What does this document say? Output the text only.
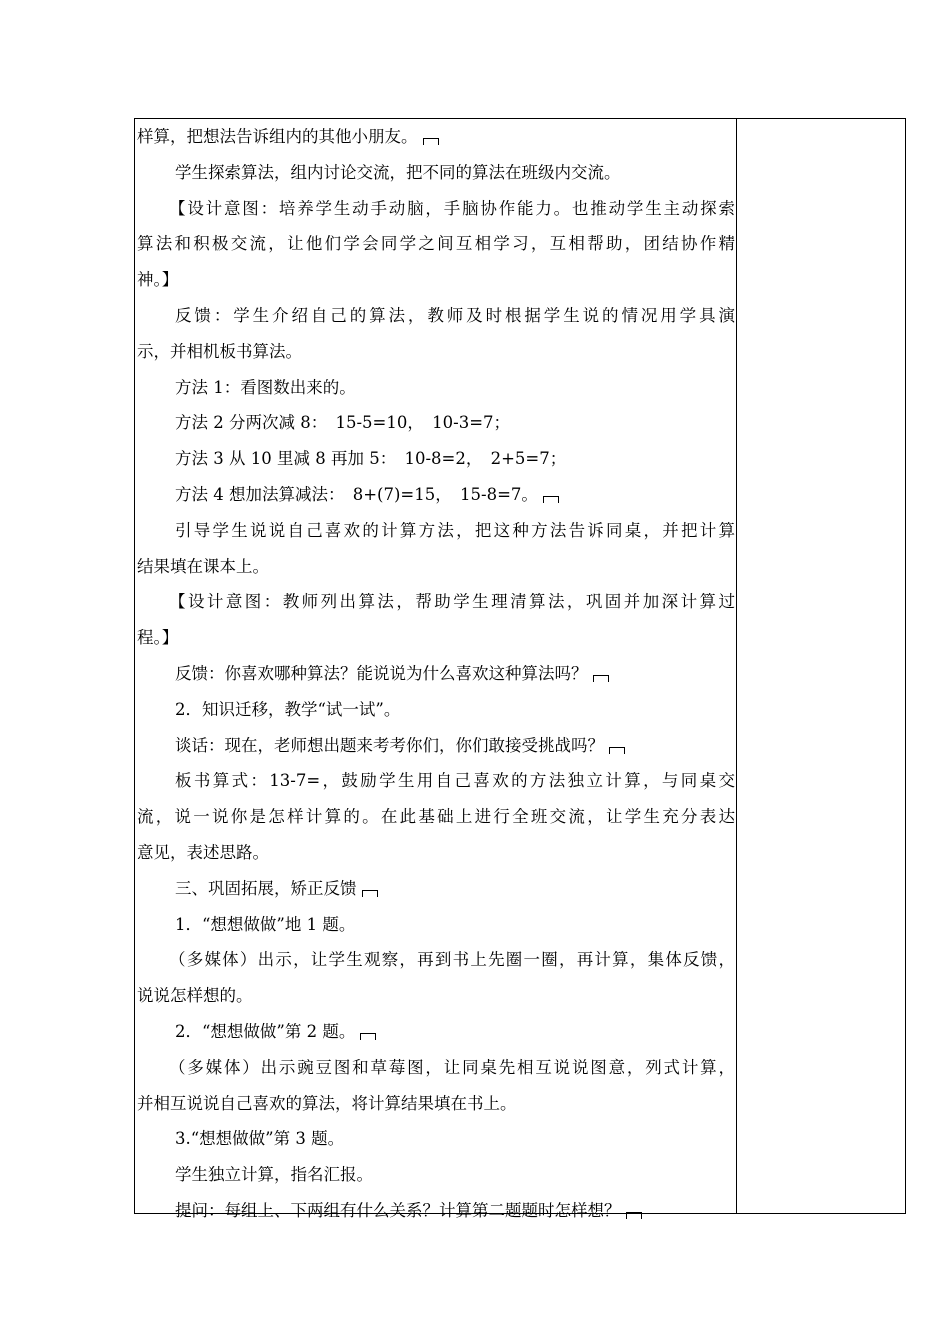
样算，把想法告诉组内的其他小朋友。
学生探索算法，组内讨论交流，把不同的算法在班级内交流。
【设计意图：培养学生动手动脑，手脑协作能力。也推动学生主动探索
算法和积极交流，让他们学会同学之间互相学习，互相帮助，团结协作精
神。】
反馈：学生介绍自己的算法，教师及时根据学生说的情况用学具演
示，并相机板书算法。
方法 1：看图数出来的。
方法 2 分两次减 8：　15-5=10，　10-3=7；
方法 3 从 10 里减 8 再加 5：　10-8=2，　2+5=7；
方法 4 想加法算减法：　8+(7)=15，　15-8=7。
引导学生说说自己喜欢的计算方法，把这种方法告诉同桌，并把计算
结果填在课本上。
【设计意图：教师列出算法，帮助学生理清算法，巩固并加深计算过
程。】
反馈：你喜欢哪种算法？能说说为什么喜欢这种算法吗？
2．知识迁移，教学“试一试”。
谈话：现在，老师想出题来考考你们，你们敢接受挑战吗？
板书算式：13-7=，鼓励学生用自己喜欢的方法独立计算，与同桌交
流，说一说你是怎样计算的。在此基础上进行全班交流，让学生充分表达
意见，表述思路。
三、巩固拓展，矫正反馈
1．“想想做做”地 1 题。
（多媒体）出示，让学生观察，再到书上先圈一圈，再计算，集体反馈，
说说怎样想的。
2．“想想做做”第 2 题。
（多媒体）出示豌豆图和草莓图，让同桌先相互说说图意，列式计算，
并相互说说自己喜欢的算法，将计算结果填在书上。
3.“想想做做”第 3 题。
学生独立计算，指名汇报。
提问：每组上、下两组有什么关系？计算第二题题时怎样想？
